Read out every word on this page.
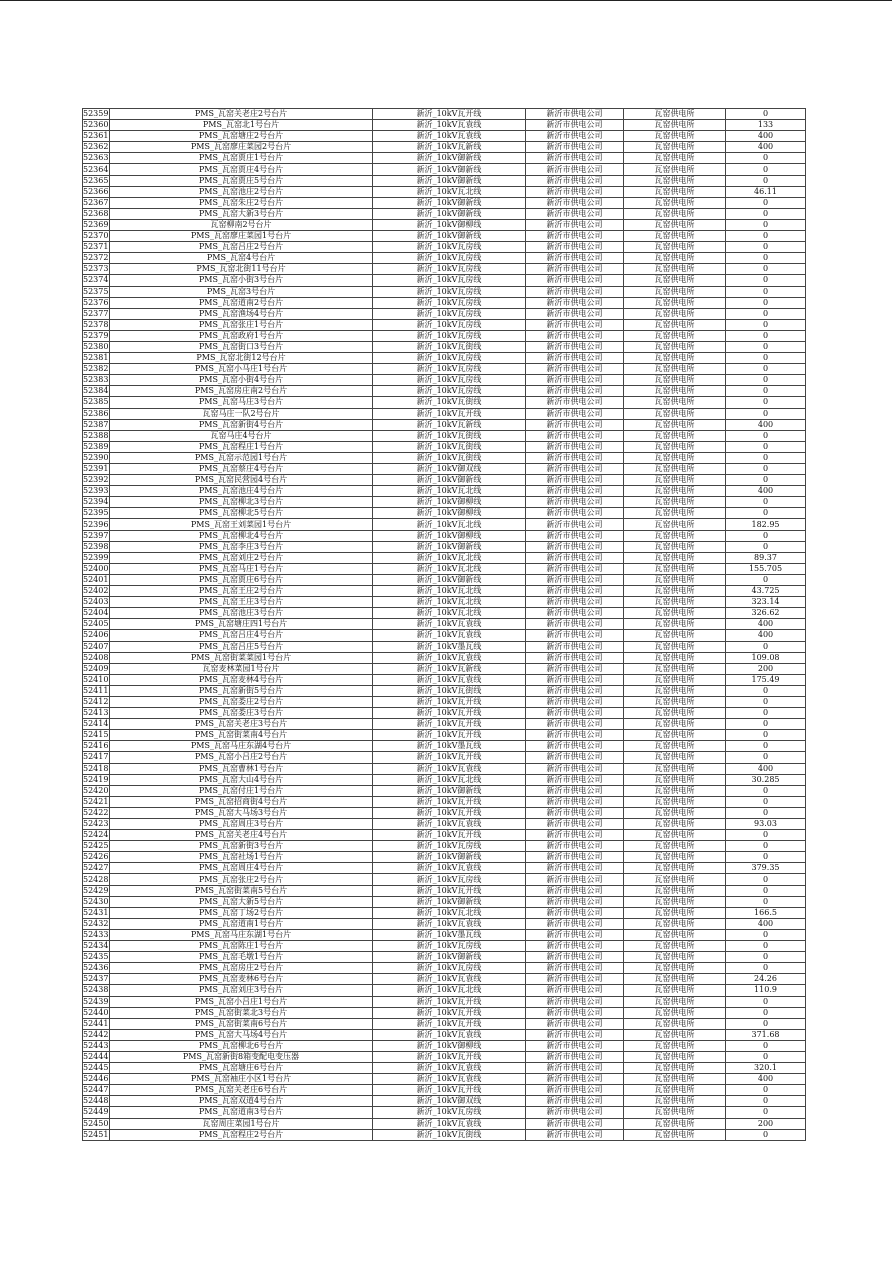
52359	PMS_瓦窑关老庄2号台片	新沂_10kV瓦开线	新沂市供电公司	瓦窑供电所	0
52360	PMS_瓦窑北1号台片	新沂_10kV瓦袁线	新沂市供电公司	瓦窑供电所	133
52361	PMS_瓦窑塘庄2号台片	新沂_10kV瓦袁线	新沂市供电公司	瓦窑供电所	400
52362	PMS_瓦窑廖庄菜园2号台片	新沂_10kV瓦新线	新沂市供电公司	瓦窑供电所	400
52363	PMS_瓦窑贾庄1号台片	新沂_10kV御新线	新沂市供电公司	瓦窑供电所	0
52364	PMS_瓦窑贾庄4号台片	新沂_10kV御新线	新沂市供电公司	瓦窑供电所	0
52365	PMS_瓦窑贾庄5号台片	新沂_10kV御新线	新沂市供电公司	瓦窑供电所	0
52366	PMS_瓦窑池庄2号台片	新沂_10kV瓦北线	新沂市供电公司	瓦窑供电所	46.11
52367	PMS_瓦窑朱庄2号台片	新沂_10kV御新线	新沂市供电公司	瓦窑供电所	0
52368	PMS_瓦窑大新3号台片	新沂_10kV御新线	新沂市供电公司	瓦窑供电所	0
52369	瓦窑柳南2号台片	新沂_10kV御柳线	新沂市供电公司	瓦窑供电所	0
52370	PMS_瓦窑廖庄菜园1号台片	新沂_10kV御新线	新沂市供电公司	瓦窑供电所	0
52371	PMS_瓦窑吕庄2号台片	新沂_10kV瓦房线	新沂市供电公司	瓦窑供电所	0
52372	PMS_瓦窑4号台片	新沂_10kV瓦房线	新沂市供电公司	瓦窑供电所	0
52373	PMS_瓦窑北街11号台片	新沂_10kV瓦房线	新沂市供电公司	瓦窑供电所	0
52374	PMS_瓦窑小街3号台片	新沂_10kV瓦房线	新沂市供电公司	瓦窑供电所	0
52375	PMS_瓦窑3号台片	新沂_10kV瓦房线	新沂市供电公司	瓦窑供电所	0
52376	PMS_瓦窑道南2号台片	新沂_10kV瓦房线	新沂市供电公司	瓦窑供电所	0
52377	PMS_瓦窑渔场4号台片	新沂_10kV瓦房线	新沂市供电公司	瓦窑供电所	0
52378	PMS_瓦窑张庄1号台片	新沂_10kV瓦房线	新沂市供电公司	瓦窑供电所	0
52379	PMS_瓦窑政府1号台片	新沂_10kV瓦房线	新沂市供电公司	瓦窑供电所	0
52380	PMS_瓦窑街口3号台片	新沂_10kV瓦街线	新沂市供电公司	瓦窑供电所	0
52381	PMS_瓦窑北街12号台片	新沂_10kV瓦房线	新沂市供电公司	瓦窑供电所	0
52382	PMS_瓦窑小马庄1号台片	新沂_10kV瓦房线	新沂市供电公司	瓦窑供电所	0
52383	PMS_瓦窑小街4号台片	新沂_10kV瓦房线	新沂市供电公司	瓦窑供电所	0
52384	PMS_瓦窑房庄南2号台片	新沂_10kV瓦房线	新沂市供电公司	瓦窑供电所	0
52385	PMS_瓦窑马庄3号台片	新沂_10kV瓦街线	新沂市供电公司	瓦窑供电所	0
52386	瓦窑马庄一队2号台片	新沂_10kV瓦开线	新沂市供电公司	瓦窑供电所	0
52387	PMS_瓦窑新街4号台片	新沂_10kV瓦新线	新沂市供电公司	瓦窑供电所	400
52388	瓦窑马庄4号台片	新沂_10kV瓦街线	新沂市供电公司	瓦窑供电所	0
52389	PMS_瓦窑程庄1号台片	新沂_10kV瓦街线	新沂市供电公司	瓦窑供电所	0
52390	PMS_瓦窑示范园1号台片	新沂_10kV瓦街线	新沂市供电公司	瓦窑供电所	0
52391	PMS_瓦窑蔡庄4号台片	新沂_10kV御双线	新沂市供电公司	瓦窑供电所	0
52392	PMS_瓦窑民营园4号台片	新沂_10kV御新线	新沂市供电公司	瓦窑供电所	0
52393	PMS_瓦窑池庄4号台片	新沂_10kV瓦北线	新沂市供电公司	瓦窑供电所	400
52394	PMS_瓦窑柳北3号台片	新沂_10kV御柳线	新沂市供电公司	瓦窑供电所	0
52395	PMS_瓦窑柳北5号台片	新沂_10kV御柳线	新沂市供电公司	瓦窑供电所	0
52396	PMS_瓦窑王刘菜园1号台片	新沂_10kV瓦北线	新沂市供电公司	瓦窑供电所	182.95
52397	PMS_瓦窑柳北4号台片	新沂_10kV御柳线	新沂市供电公司	瓦窑供电所	0
52398	PMS_瓦窑李庄3号台片	新沂_10kV御新线	新沂市供电公司	瓦窑供电所	0
52399	PMS_瓦窑刘庄2号台片	新沂_10kV瓦北线	新沂市供电公司	瓦窑供电所	89.37
52400	PMS_瓦窑马庄1号台片	新沂_10kV瓦北线	新沂市供电公司	瓦窑供电所	155.705
52401	PMS_瓦窑贾庄6号台片	新沂_10kV御新线	新沂市供电公司	瓦窑供电所	0
52402	PMS_瓦窑王庄2号台片	新沂_10kV瓦北线	新沂市供电公司	瓦窑供电所	43.725
52403	PMS_瓦窑王庄3号台片	新沂_10kV瓦北线	新沂市供电公司	瓦窑供电所	323.14
52404	PMS_瓦窑池庄3号台片	新沂_10kV瓦北线	新沂市供电公司	瓦窑供电所	326.62
52405	PMS_瓦窑塘庄四1号台片	新沂_10kV瓦袁线	新沂市供电公司	瓦窑供电所	400
52406	PMS_瓦窑吕庄4号台片	新沂_10kV瓦袁线	新沂市供电公司	瓦窑供电所	400
52407	PMS_瓦窑吕庄5号台片	新沂_10kV墨瓦线	新沂市供电公司	瓦窑供电所	0
52408	PMS_瓦窑街菜菜园1号台片	新沂_10kV瓦袁线	新沂市供电公司	瓦窑供电所	109.08
52409	瓦窑麦林菜园1号台片	新沂_10kV瓦新线	新沂市供电公司	瓦窑供电所	200
52410	PMS_瓦窑麦林4号台片	新沂_10kV瓦袁线	新沂市供电公司	瓦窑供电所	175.49
52411	PMS_瓦窑新街5号台片	新沂_10kV瓦街线	新沂市供电公司	瓦窑供电所	0
52412	PMS_瓦窑娄庄2号台片	新沂_10kV瓦开线	新沂市供电公司	瓦窑供电所	0
52413	PMS_瓦窑娄庄3号台片	新沂_10kV瓦开线	新沂市供电公司	瓦窑供电所	0
52414	PMS_瓦窑关老庄3号台片	新沂_10kV瓦开线	新沂市供电公司	瓦窑供电所	0
52415	PMS_瓦窑街菜南4号台片	新沂_10kV瓦开线	新沂市供电公司	瓦窑供电所	0
52416	PMS_瓦窑马庄东湖4号台片	新沂_10kV墨瓦线	新沂市供电公司	瓦窑供电所	0
52417	PMS_瓦窑小吕庄2号台片	新沂_10kV瓦开线	新沂市供电公司	瓦窑供电所	0
52418	PMS_瓦窑曹林1号台片	新沂_10kV瓦袁线	新沂市供电公司	瓦窑供电所	400
52419	PMS_瓦窑大山4号台片	新沂_10kV瓦北线	新沂市供电公司	瓦窑供电所	30.285
52420	PMS_瓦窑付庄1号台片	新沂_10kV御新线	新沂市供电公司	瓦窑供电所	0
52421	PMS_瓦窑招商街4号台片	新沂_10kV瓦开线	新沂市供电公司	瓦窑供电所	0
52422	PMS_瓦窑大马场3号台片	新沂_10kV瓦开线	新沂市供电公司	瓦窑供电所	0
52423	PMS_瓦窑周庄3号台片	新沂_10kV瓦袁线	新沂市供电公司	瓦窑供电所	93.03
52424	PMS_瓦窑关老庄4号台片	新沂_10kV瓦开线	新沂市供电公司	瓦窑供电所	0
52425	PMS_瓦窑新街3号台片	新沂_10kV瓦房线	新沂市供电公司	瓦窑供电所	0
52426	PMS_瓦窑社场1号台片	新沂_10kV御新线	新沂市供电公司	瓦窑供电所	0
52427	PMS_瓦窑周庄4号台片	新沂_10kV瓦袁线	新沂市供电公司	瓦窑供电所	379.35
52428	PMS_瓦窑张庄2号台片	新沂_10kV瓦房线	新沂市供电公司	瓦窑供电所	0
52429	PMS_瓦窑街菜南5号台片	新沂_10kV瓦开线	新沂市供电公司	瓦窑供电所	0
52430	PMS_瓦窑大新5号台片	新沂_10kV御新线	新沂市供电公司	瓦窑供电所	0
52431	PMS_瓦窑丁场2号台片	新沂_10kV瓦北线	新沂市供电公司	瓦窑供电所	166.5
52432	PMS_瓦窑道南1号台片	新沂_10kV瓦袁线	新沂市供电公司	瓦窑供电所	400
52433	PMS_瓦窑马庄东湖1号台片	新沂_10kV墨瓦线	新沂市供电公司	瓦窑供电所	0
52434	PMS_瓦窑陈庄1号台片	新沂_10kV瓦房线	新沂市供电公司	瓦窑供电所	0
52435	PMS_瓦窑毛墩1号台片	新沂_10kV御新线	新沂市供电公司	瓦窑供电所	0
52436	PMS_瓦窑房庄2号台片	新沂_10kV瓦房线	新沂市供电公司	瓦窑供电所	0
52437	PMS_瓦窑麦林6号台片	新沂_10kV瓦袁线	新沂市供电公司	瓦窑供电所	24.26
52438	PMS_瓦窑刘庄3号台片	新沂_10kV瓦北线	新沂市供电公司	瓦窑供电所	110.9
52439	PMS_瓦窑小吕庄1号台片	新沂_10kV瓦开线	新沂市供电公司	瓦窑供电所	0
52440	PMS_瓦窑街菜北3号台片	新沂_10kV瓦开线	新沂市供电公司	瓦窑供电所	0
52441	PMS_瓦窑街菜南6号台片	新沂_10kV瓦开线	新沂市供电公司	瓦窑供电所	0
52442	PMS_瓦窑大马场4号台片	新沂_10kV瓦袁线	新沂市供电公司	瓦窑供电所	371.68
52443	PMS_瓦窑柳北6号台片	新沂_10kV御柳线	新沂市供电公司	瓦窑供电所	0
52444	PMS_瓦窑新街8箱变配电变压器	新沂_10kV瓦开线	新沂市供电公司	瓦窑供电所	0
52445	PMS_瓦窑塘庄6号台片	新沂_10kV瓦袁线	新沂市供电公司	瓦窑供电所	320.1
52446	PMS_瓦窑袖庄小区1号台片	新沂_10kV瓦袁线	新沂市供电公司	瓦窑供电所	400
52447	PMS_瓦窑关老庄6号台片	新沂_10kV瓦开线	新沂市供电公司	瓦窑供电所	0
52448	PMS_瓦窑双道4号台片	新沂_10kV御双线	新沂市供电公司	瓦窑供电所	0
52449	PMS_瓦窑道南3号台片	新沂_10kV瓦房线	新沂市供电公司	瓦窑供电所	0
52450	瓦窑周庄菜园1号台片	新沂_10kV瓦袁线	新沂市供电公司	瓦窑供电所	200
52451	PMS_瓦窑程庄2号台片	新沂_10kV瓦街线	新沂市供电公司	瓦窑供电所	0
